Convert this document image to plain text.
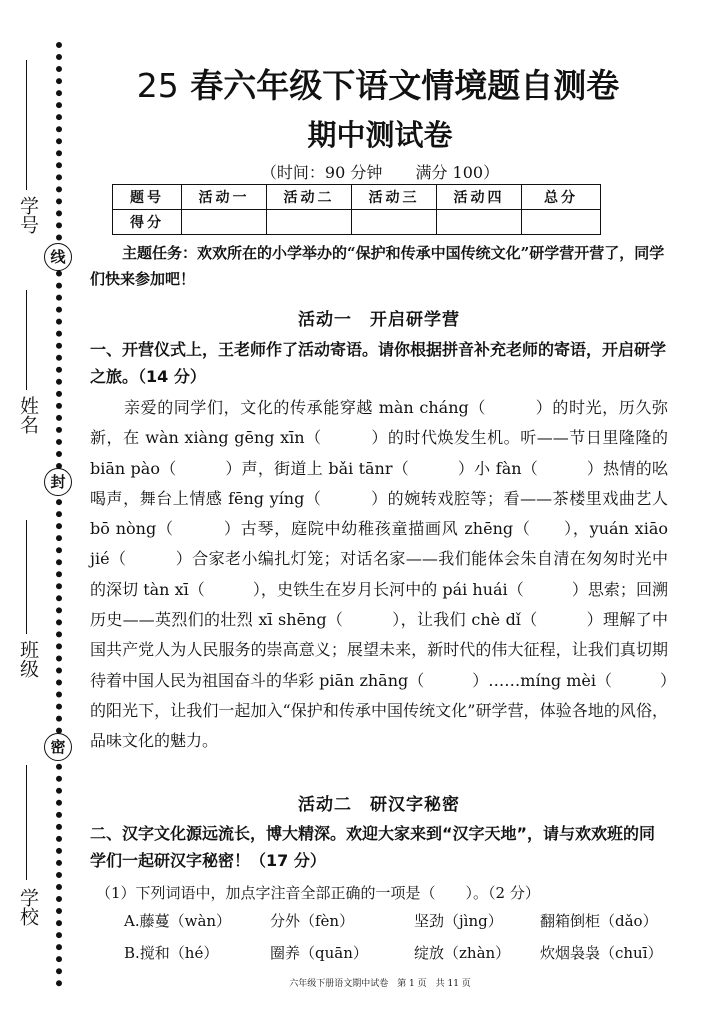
学号
姓名
班级
学校
线
封
密
25 春六年级下语文情境题自测卷
期中测试卷
（时间：90 分钟 满分 100）
题号	活动一	活动二	活动三	活动四	总分
得分					
主题任务：欢欢所在的小学举办的“保护和传承中国传统文化”研学营开营了，同学们快来参加吧！
活动一　开启研学营
一、开营仪式上，王老师作了活动寄语。请你根据拼音补充老师的寄语，开启研学之旅。（14 分）
亲爱的同学们，文化的传承能穿越 màn cháng（　　　）的时光，历久弥新，在 wàn xiàng gēng xīn（　　　）的时代焕发生机。听——节日里隆隆的 biān pào（　　　）声，街道上 bǎi tānr（　　　）小 fàn（　　　）热情的吆喝声，舞台上情感 fēng yíng（　　　）的婉转戏腔等；看——茶楼里戏曲艺人 bō nòng（　　　）古琴，庭院中幼稚孩童描画风 zhēng（　　），yuán xiāo jié（　　　）合家老小编扎灯笼；对话名家——我们能体会朱自清在匆匆时光中的深切 tàn xī（　　　），史铁生在岁月长河中的 pái huái（　　　）思索；回溯历史——英烈们的壮烈 xī shēng（　　　），让我们 chè dǐ（　　　）理解了中国共产党人为人民服务的崇高意义；展望未来，新时代的伟大征程，让我们真切期待着中国人民为祖国奋斗的华彩 piān zhāng（　　　）……míng mèi（　　　）的阳光下，让我们一起加入“保护和传承中国传统文化”研学营，体验各地的风俗，品味文化的魅力。
活动二　研汉字秘密
二、汉字文化源远流长，博大精深。欢迎大家来到“汉字天地”，请与欢欢班的同学们一起研汉字秘密！（17 分）
（1）下列词语中，加点字注音全部正确的一项是（　　）。（2 分）
A.藤蔓（wàn）	分外（fèn）	坚劲（jìng） 翻箱倒柜（dǎo）
B.搅和（hé）	圈养（quān）	绽放（zhàn） 炊烟袅袅（chuī）
六年级下册语文期中试卷　第 1 页　共 11 页
